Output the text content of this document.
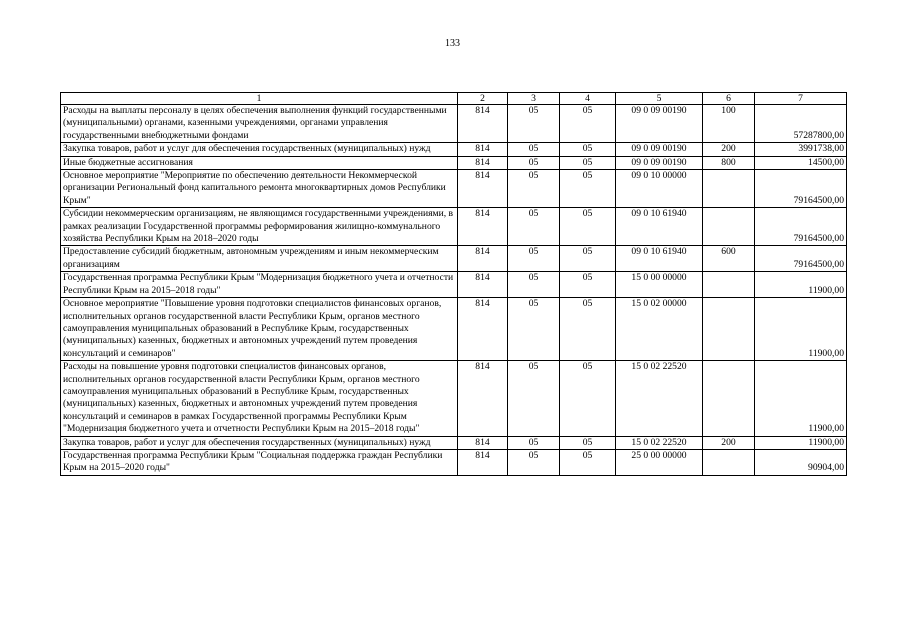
133
1	2	3	4	5	6	7
Расходы на выплаты персоналу в целях обеспечения выполнения функций государственными (муниципальными) органами, казенными учреждениями, органами управления государственными внебюджетными фондами	814	05	05	09 0 09 00190	100	57287800,00
Закупка товаров, работ и услуг для обеспечения государственных (муниципальных) нужд	814	05	05	09 0 09 00190	200	3991738,00
Иные бюджетные ассигнования	814	05	05	09 0 09 00190	800	14500,00
Основное мероприятие "Мероприятие по обеспечению деятельности Некоммерческой организации Региональный фонд капитального ремонта многоквартирных домов Республики Крым"	814	05	05	09 0 10 00000		79164500,00
Субсидии некоммерческим организациям, не являющимся государственными учреждениями, в рамках реализации Государственной программы реформирования жилищно-коммунального хозяйства Республики Крым на 2018–2020 годы	814	05	05	09 0 10 61940		79164500,00
Предоставление субсидий бюджетным, автономным учреждениям и иным некоммерческим организациям	814	05	05	09 0 10 61940	600	79164500,00
Государственная программа Республики Крым "Модернизация бюджетного учета и отчетности Республики Крым на 2015–2018 годы"	814	05	05	15 0 00 00000		11900,00
Основное мероприятие "Повышение уровня подготовки специалистов финансовых органов, исполнительных органов государственной власти Республики Крым, органов местного самоуправления муниципальных образований в Республике Крым, государственных (муниципальных) казенных, бюджетных и автономных учреждений путем проведения консультаций и семинаров"	814	05	05	15 0 02 00000		11900,00
Расходы на повышение уровня подготовки специалистов финансовых органов, исполнительных органов государственной власти Республики Крым, органов местного самоуправления муниципальных образований в Республике Крым, государственных (муниципальных) казенных, бюджетных и автономных учреждений путем проведения консультаций и семинаров в рамках Государственной программы Республики Крым "Модернизация бюджетного учета и отчетности Республики Крым на 2015–2018 годы"	814	05	05	15 0 02 22520		11900,00
Закупка товаров, работ и услуг для обеспечения государственных (муниципальных) нужд	814	05	05	15 0 02 22520	200	11900,00
Государственная программа Республики Крым "Социальная поддержка граждан Республики Крым на 2015–2020 годы"	814	05	05	25 0 00 00000		90904,00
